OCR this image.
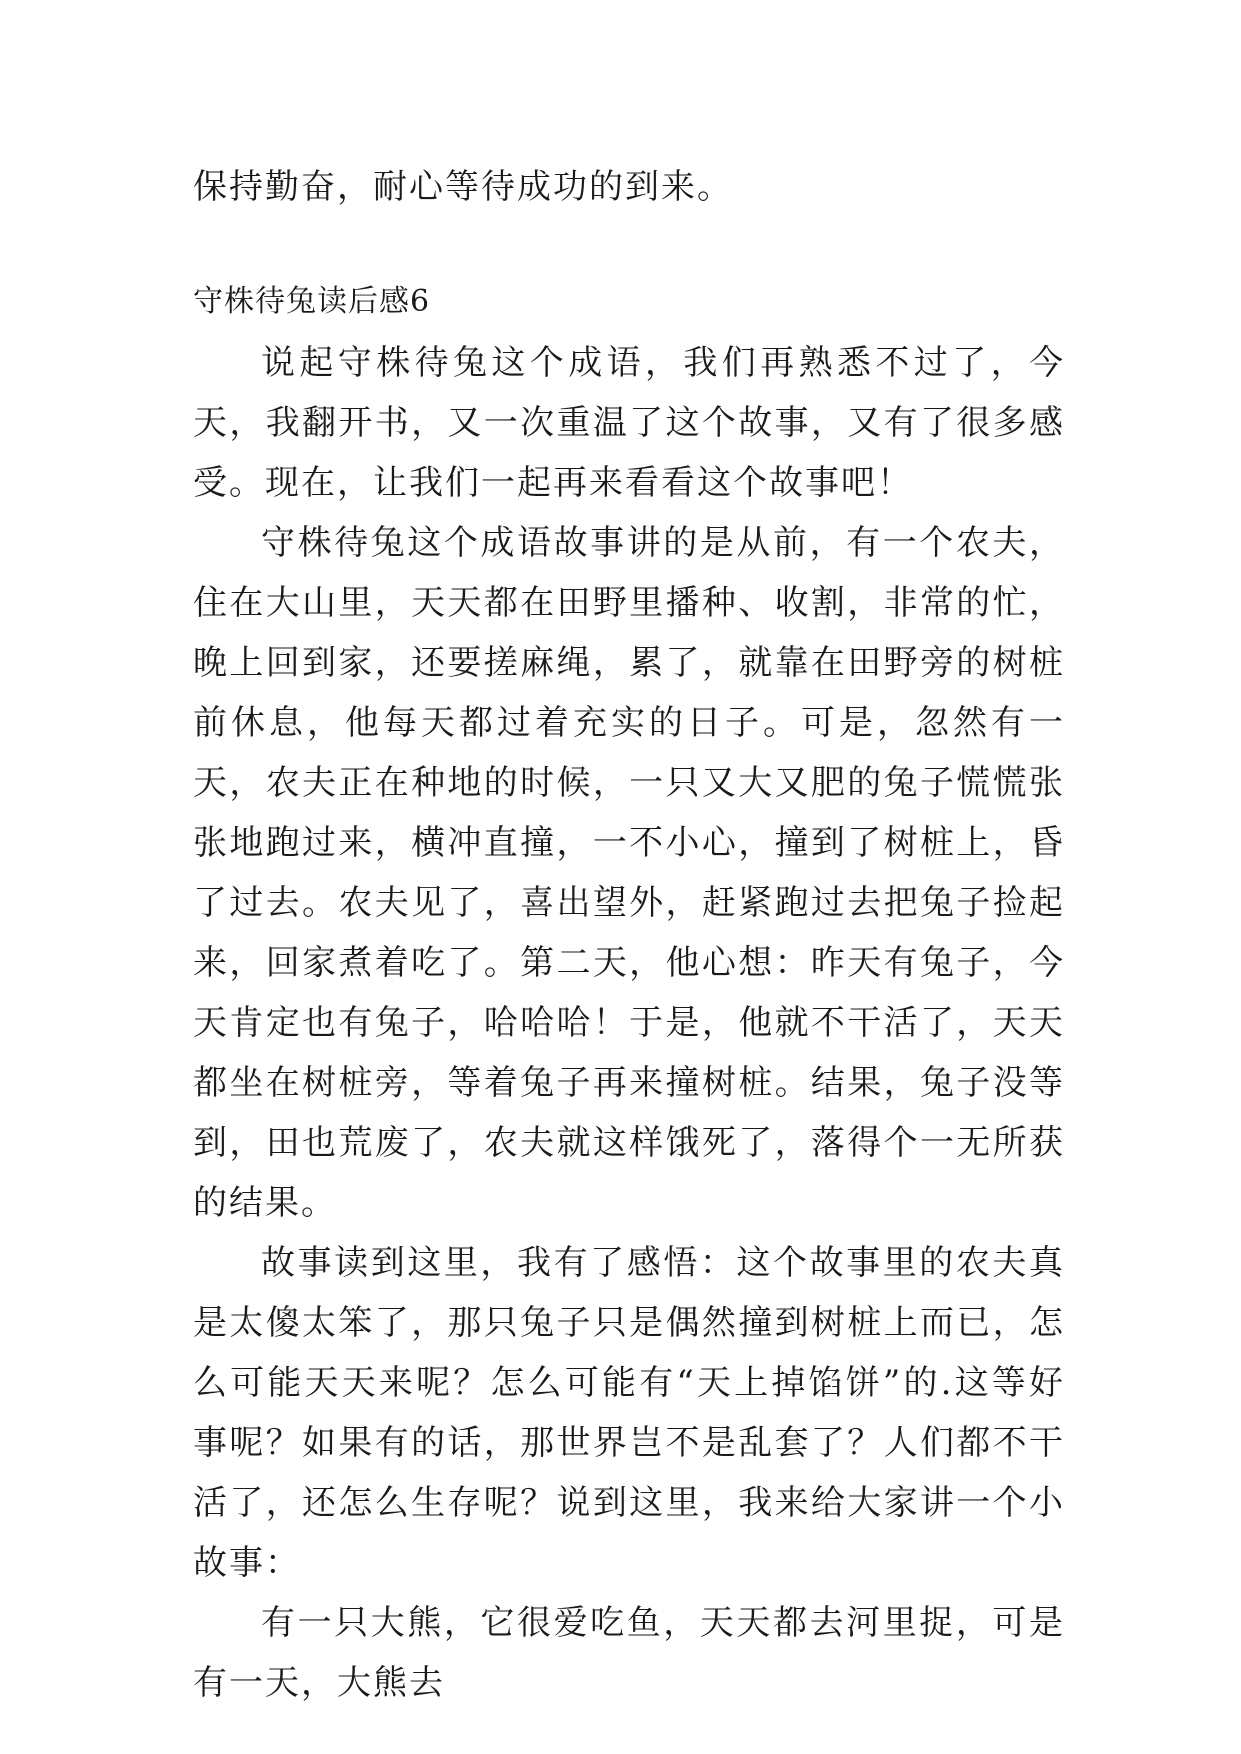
保持勤奋，耐心等待成功的到来。

守株待兔读后感6

说起守株待兔这个成语，我们再熟悉不过了，今天，我翻开书，又一次重温了这个故事，又有了很多感受。现在，让我们一起再来看看这个故事吧！

守株待兔这个成语故事讲的是从前，有一个农夫，住在大山里，天天都在田野里播种、收割，非常的忙，晚上回到家，还要搓麻绳，累了，就靠在田野旁的树桩前休息，他每天都过着充实的日子。可是，忽然有一天，农夫正在种地的时候，一只又大又肥的兔子慌慌张张地跑过来，横冲直撞，一不小心，撞到了树桩上，昏了过去。农夫见了，喜出望外，赶紧跑过去把兔子捡起来，回家煮着吃了。第二天，他心想：昨天有兔子，今天肯定也有兔子，哈哈哈！于是，他就不干活了，天天都坐在树桩旁，等着兔子再来撞树桩。结果，兔子没等到，田也荒废了，农夫就这样饿死了，落得个一无所获的结果。

故事读到这里，我有了感悟：这个故事里的农夫真是太傻太笨了，那只兔子只是偶然撞到树桩上而已，怎么可能天天来呢？怎么可能有“天上掉馅饼”的.这等好事呢？如果有的话，那世界岂不是乱套了？人们都不干活了，还怎么生存呢？说到这里，我来给大家讲一个小故事：

有一只大熊，它很爱吃鱼，天天都去河里捉，可是有一天，大熊去
